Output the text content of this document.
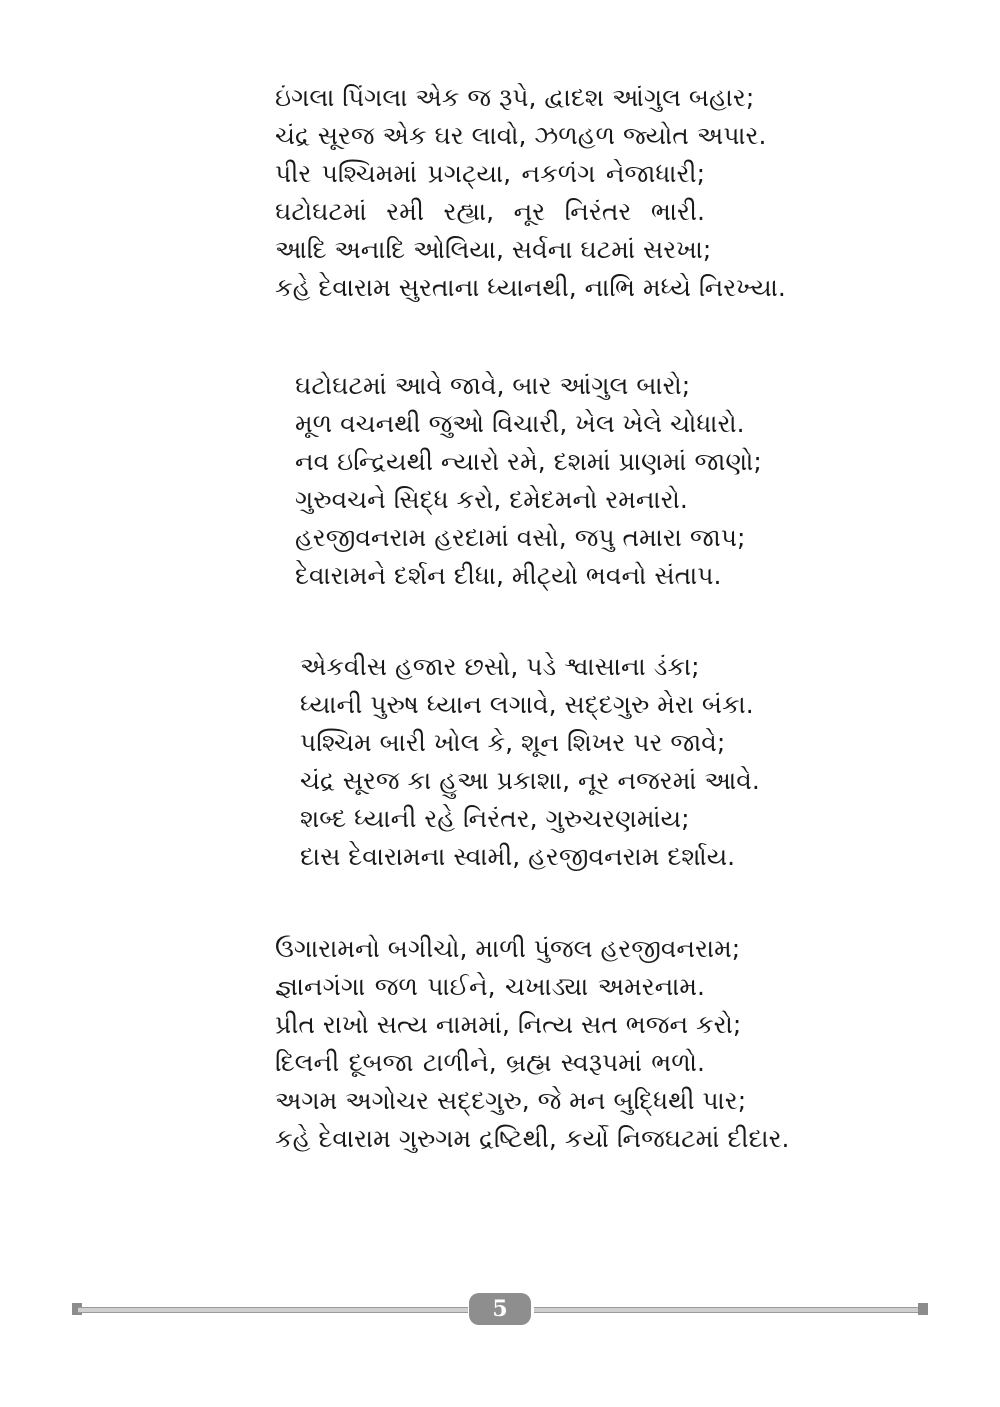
ઇંગલા પિંગલા એક જ રૂપે, દ્વાદશ આંગુલ બહાર;
ચંદ્ર સૂરજ એક ઘર લાવો, ઝળહળ જ્યોત અપાર.
પીર પશ્ચિમમાં પ્રગટ્યા, નકળંગ નેજાધારી;
ઘટોઘટમાં રમી રહ્યા, નૂર નિરંતર ભારી.
આદિ અનાદિ ઓલિયા, સર્વના ઘટમાં સરખા;
કહે દેવારામ સુરતાના ધ્યાનથી, નાભિ મધ્યે નિરખ્યા.
ઘટોઘટમાં આવે જાવે, બાર આંગુલ બારો;
મૂળ વચનથી જુઓ વિચારી, ખેલ ખેલે ચોધારો.
નવ ઇન્દ્રિયથી ન્યારો રમે, દશમાં પ્રાણમાં જાણો;
ગુરુવચને સિદ્ધ કરો, દમેદમનો રમનારો.
હરજીવનરામ હરદામાં વસો, જપુ તમારા જાપ;
દેવારામને દર્શન દીધા, મીટ્યો ભવનો સંતાપ.
એકવીસ હજાર છસો, પડે શ્વાસાના ડંકા;
ધ્યાની પુરુષ ધ્યાન લગાવે, સદ્દગુરુ મેરા બંકા.
પશ્ચિમ બારી ખોલ કે, શૂન શિખર પર જાવે;
ચંદ્ર સૂરજ કા હુઆ પ્રકાશા, નૂર નજરમાં આવે.
શબ્દ ધ્યાની રહે નિરંતર, ગુરુચરણમાંય;
દાસ દેવારામના સ્વામી, હરજીવનરામ દર્શાય.
ઉગારામનો બગીચો, માળી પુંજલ હરજીવનરામ;
જ્ઞાનગંગા જળ પાઈને, ચખાડ્યા અમરનામ.
પ્રીત રાખો સત્ય નામમાં, નિત્ય સત ભજન કરો;
દિલની દૂબજા ટાળીને, બ્રહ્મ સ્વરૂપમાં ભળો.
અગમ અગોચર સદ્દગુરુ, જે મન બુદ્ધિથી પાર;
કહે દેવારામ ગુરુગમ દ્રષ્ટિથી, કર્યો નિજઘટમાં દીદાર.
5
